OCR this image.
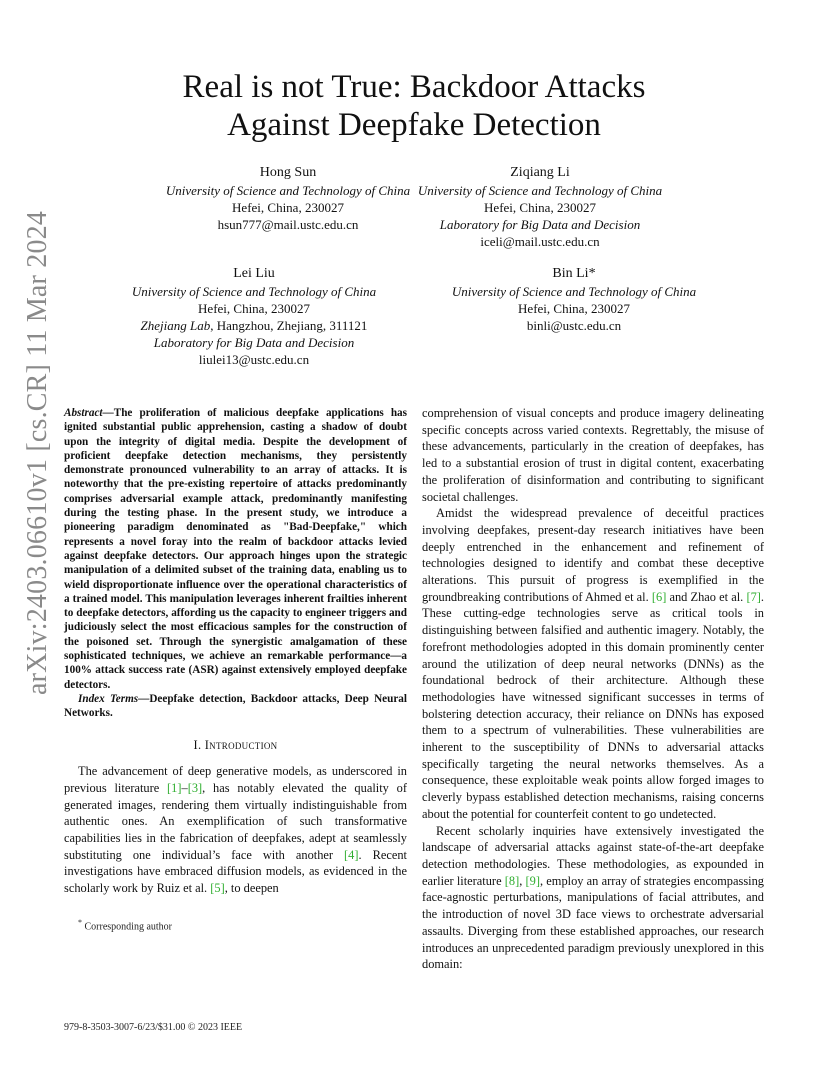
arXiv:2403.06610v1 [cs.CR] 11 Mar 2024
Real is not True: Backdoor Attacks
Against Deepfake Detection
Hong Sun
University of Science and Technology of China
Hefei, China, 230027
hsun777@mail.ustc.edu.cn
Ziqiang Li
University of Science and Technology of China
Hefei, China, 230027
Laboratory for Big Data and Decision
iceli@mail.ustc.edu.cn
Lei Liu
University of Science and Technology of China
Hefei, China, 230027
Zhejiang Lab, Hangzhou, Zhejiang, 311121
Laboratory for Big Data and Decision
liulei13@ustc.edu.cn
Bin Li*
University of Science and Technology of China
Hefei, China, 230027
binli@ustc.edu.cn
Abstract—The proliferation of malicious deepfake applications has ignited substantial public apprehension, casting a shadow of doubt upon the integrity of digital media. Despite the development of proficient deepfake detection mechanisms, they persistently demonstrate pronounced vulnerability to an array of attacks. It is noteworthy that the pre-existing repertoire of attacks predominantly comprises adversarial example attack, predominantly manifesting during the testing phase. In the present study, we introduce a pioneering paradigm denominated as "Bad-Deepfake," which represents a novel foray into the realm of backdoor attacks levied against deepfake detectors. Our approach hinges upon the strategic manipulation of a delimited subset of the training data, enabling us to wield disproportionate influence over the operational characteristics of a trained model. This manipulation leverages inherent frailties inherent to deepfake detectors, affording us the capacity to engineer triggers and judiciously select the most efficacious samples for the construction of the poisoned set. Through the synergistic amalgamation of these sophisticated techniques, we achieve an remarkable performance—a 100% attack success rate (ASR) against extensively employed deepfake detectors.
Index Terms—Deepfake detection, Backdoor attacks, Deep Neural Networks.
I. Introduction

The advancement of deep generative models, as underscored in previous literature [1]–[3], has notably elevated the quality of generated images, rendering them virtually indistinguishable from authentic ones. An exemplification of such transformative capabilities lies in the fabrication of deepfakes, adept at seamlessly substituting one individual’s face with another [4]. Recent investigations have embraced diffusion models, as evidenced in the scholarly work by Ruiz et al. [5], to deepen

comprehension of visual concepts and produce imagery delineating specific concepts across varied contexts. Regrettably, the misuse of these advancements, particularly in the creation of deepfakes, has led to a substantial erosion of trust in digital content, exacerbating the proliferation of disinformation and contributing to significant societal challenges.

Amidst the widespread prevalence of deceitful practices involving deepfakes, present-day research initiatives have been deeply entrenched in the enhancement and refinement of technologies designed to identify and combat these deceptive alterations. This pursuit of progress is exemplified in the groundbreaking contributions of Ahmed et al. [6] and Zhao et al. [7]. These cutting-edge technologies serve as critical tools in distinguishing between falsified and authentic imagery. Notably, the forefront methodologies adopted in this domain prominently center around the utilization of deep neural networks (DNNs) as the foundational bedrock of their architecture. Although these methodologies have witnessed significant successes in terms of bolstering detection accuracy, their reliance on DNNs has exposed them to a spectrum of vulnerabilities. These vulnerabilities are inherent to the susceptibility of DNNs to adversarial attacks specifically targeting the neural networks themselves. As a consequence, these exploitable weak points allow forged images to cleverly bypass established detection mechanisms, raising concerns about the potential for counterfeit content to go undetected.

Recent scholarly inquiries have extensively investigated the landscape of adversarial attacks against state-of-the-art deepfake detection methodologies. These methodologies, as expounded in earlier literature [8], [9], employ an array of strategies encompassing face-agnostic perturbations, manipulations of facial attributes, and the introduction of novel 3D face views to orchestrate adversarial assaults. Diverging from these established approaches, our research introduces an unprecedented paradigm previously unexplored in this domain:

* Corresponding author
979-8-3503-3007-6/23/$31.00 © 2023 IEEE
